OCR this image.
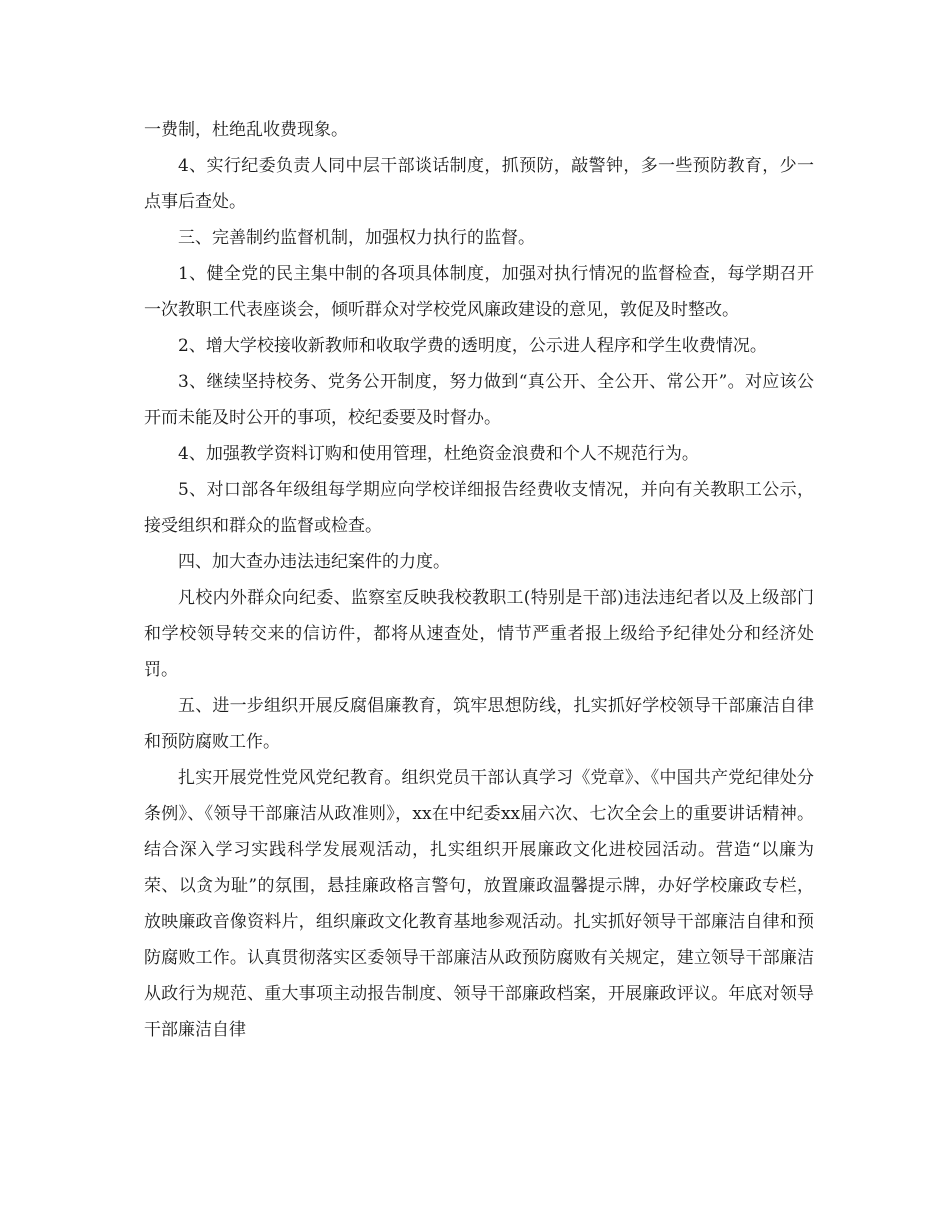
一费制，杜绝乱收费现象。

4、实行纪委负责人同中层干部谈话制度，抓预防，敲警钟，多一些预防教育，少一点事后查处。

三、完善制约监督机制，加强权力执行的监督。

1、健全党的民主集中制的各项具体制度，加强对执行情况的监督检查，每学期召开一次教职工代表座谈会，倾听群众对学校党风廉政建设的意见，敦促及时整改。

2、增大学校接收新教师和收取学费的透明度，公示进人程序和学生收费情况。

3、继续坚持校务、党务公开制度，努力做到“真公开、全公开、常公开”。对应该公开而未能及时公开的事项，校纪委要及时督办。

4、加强教学资料订购和使用管理，杜绝资金浪费和个人不规范行为。

5、对口部各年级组每学期应向学校详细报告经费收支情况，并向有关教职工公示，接受组织和群众的监督或检查。

四、加大查办违法违纪案件的力度。

凡校内外群众向纪委、监察室反映我校教职工(特别是干部)违法违纪者以及上级部门和学校领导转交来的信访件，都将从速查处，情节严重者报上级给予纪律处分和经济处罚。

五、进一步组织开展反腐倡廉教育，筑牢思想防线，扎实抓好学校领导干部廉洁自律和预防腐败工作。

扎实开展党性党风党纪教育。组织党员干部认真学习《党章》、《中国共产党纪律处分条例》、《领导干部廉洁从政准则》，xx在中纪委xx届六次、七次全会上的重要讲话精神。结合深入学习实践科学发展观活动，扎实组织开展廉政文化进校园活动。营造“以廉为荣、以贪为耻”的氛围，悬挂廉政格言警句，放置廉政温馨提示牌，办好学校廉政专栏，放映廉政音像资料片，组织廉政文化教育基地参观活动。扎实抓好领导干部廉洁自律和预防腐败工作。认真贯彻落实区委领导干部廉洁从政预防腐败有关规定，建立领导干部廉洁从政行为规范、重大事项主动报告制度、领导干部廉政档案，开展廉政评议。年底对领导干部廉洁自律
